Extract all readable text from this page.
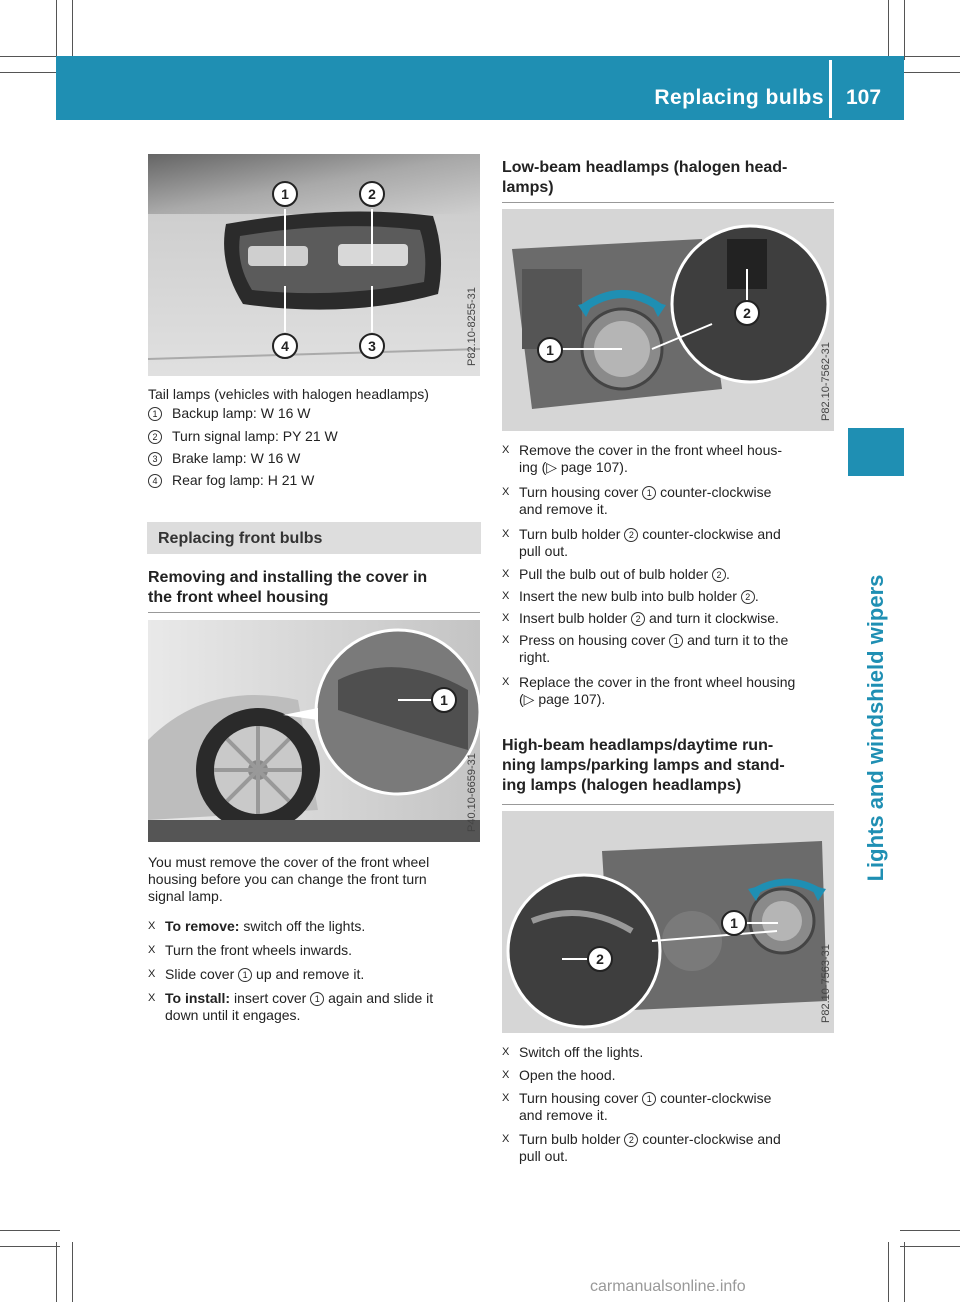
Replacing bulbs 107
Lights and windshield wipers
1	2
3
4	P82.10-8255-31
Tail lamps (vehicles with halogen headlamps)
1 Backup lamp: W 16 W
2 Turn signal lamp: PY 21 W
3 Brake lamp: W 16 W
4 Rear fog lamp: H 21 W
Replacing front bulbs
Removing and installing the cover in
the front wheel housing
1
P40.10-6659-31
You must remove the cover of the front wheel
housing before you can change the front turn
signal lamp.
X To remove: switch off the lights.
X Turn the front wheels inwards.
X Slide cover 1 up and remove it.
X To install: insert cover 1 again and slide it
down until it engages.
Low-beam headlamps (halogen head-
lamps)
1
2
P82.10-7562-31
X Remove the cover in the front wheel hous-
ing (▷ page 107).
X Turn housing cover 1 counter-clockwise
and remove it.
X Turn bulb holder 2 counter-clockwise and
pull out.
X Pull the bulb out of bulb holder 2 .
X Insert the new bulb into bulb holder 2 .
X Insert bulb holder 2 and turn it clockwise.
X Press on housing cover 1 and turn it to the
right.
X Replace the cover in the front wheel housing
(▷ page 107).
High-beam headlamps/daytime run-
ning lamps/parking lamps and stand-
ing lamps (halogen headlamps)
1
2	P82.10-7563-31
X Switch off the lights.
X Open the hood.
X Turn housing cover 1 counter-clockwise
and remove it.
X Turn bulb holder 2 counter-clockwise and
pull out.
carmanualsonline.info
